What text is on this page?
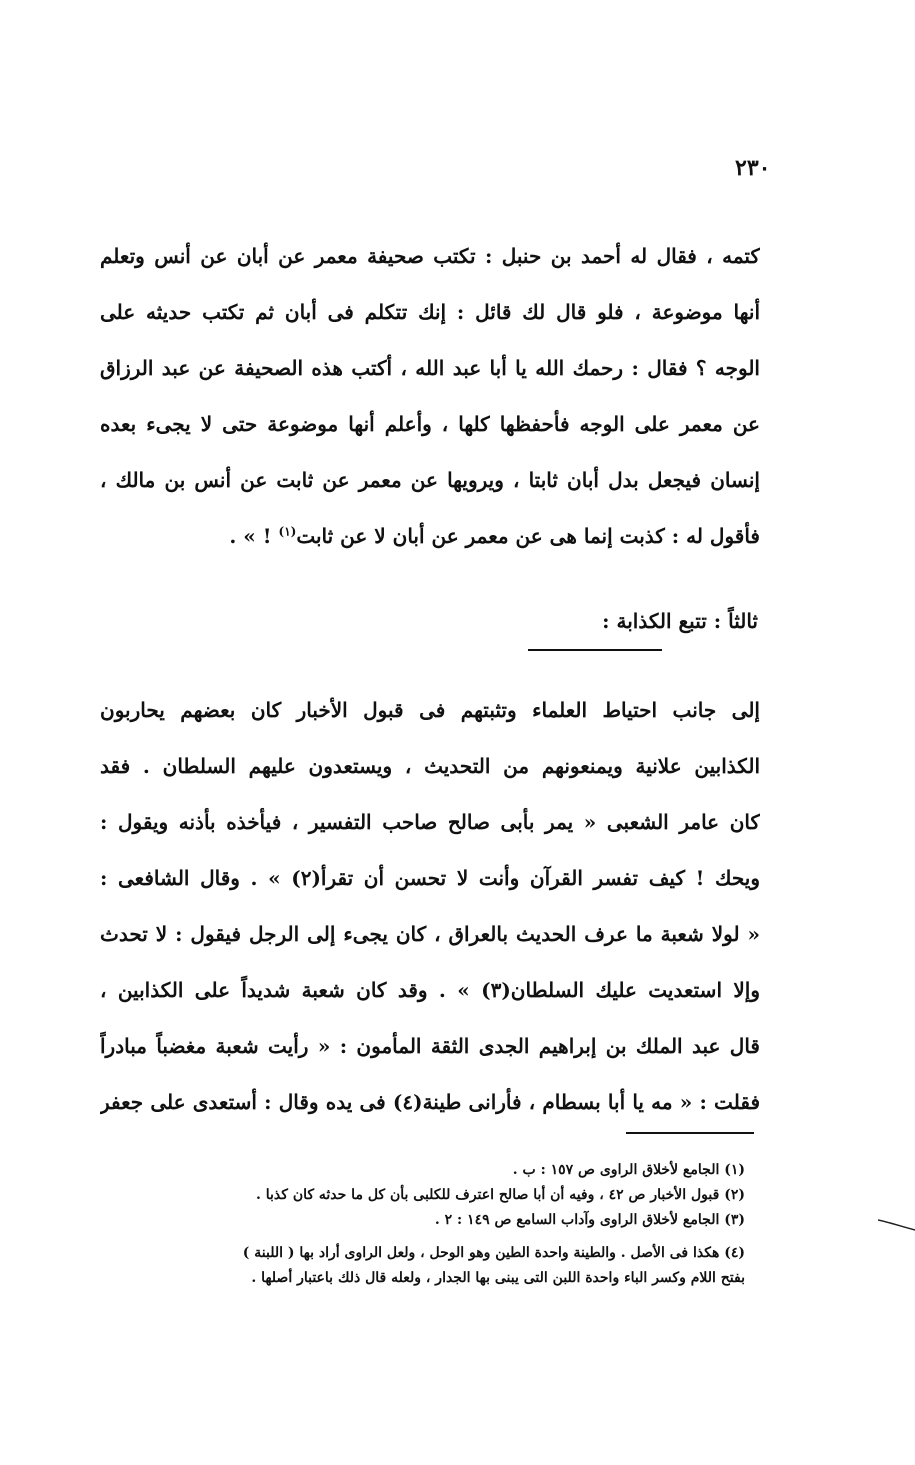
٢٣٠
كتمه ، فقال له أحمد بن حنبل : تكتب صحيفة معمر عن أبان عن أنس وتعلم
أنها موضوعة ، فلو قال لك قائل : إنك تتكلم فى أبان ثم تكتب حديثه على
الوجه ؟ فقال : رحمك الله يا أبا عبد الله ، أكتب هذه الصحيفة عن عبد الرزاق
عن معمر على الوجه فأحفظها كلها ، وأعلم أنها موضوعة حتى لا يجىء بعده
إنسان فيجعل بدل أبان ثابتا ، ويرويها عن معمر عن ثابت عن أنس بن مالك ،
فأقول له : كذبت إنما هى عن معمر عن أبان لا عن ثابت$^{(١)}$ ! » .
ثالثاً : تتبع الكذابة :
إلى جانب احتياط العلماء وتثبتهم فى قبول الأخبار كان بعضهم يحاربون
الكذابين علانية ويمنعونهم من التحديث ، ويستعدون عليهم السلطان . فقد
كان عامر الشعبى « يمر بأبى صالح صاحب التفسير ، فيأخذه بأذنه ويقول :
ويحك ! كيف تفسر القرآن وأنت لا تحسن أن تقرأ(٢) » . وقال الشافعى :
« لولا شعبة ما عرف الحديث بالعراق ، كان يجىء إلى الرجل فيقول : لا تحدث
وإلا استعديت عليك السلطان(٣) » . وقد كان شعبة شديداً على الكذابين ،
قال عبد الملك بن إبراهيم الجدى الثقة المأمون : « رأيت شعبة مغضباً مبادراً
فقلت : « مه يا أبا بسطام ، فأرانى طينة(٤) فى يده وقال : أستعدى على جعفر
(١) الجامع لأخلاق الراوى ص ١٥٧ : ب .
(٢) قبول الأخبار ص ٤٢ ، وفيه أن أبا صالح اعترف للكلبى بأن كل ما حدثه كان كذبا .
(٣) الجامع لأخلاق الراوى وآداب السامع ص ١٤٩ : ٢ .
(٤) هكذا فى الأصل . والطينة واحدة الطين وهو الوحل ، ولعل الراوى أراد بها ( اللبنة )
بفتح اللام وكسر الباء واحدة اللبن التى يبنى بها الجدار ، ولعله قال ذلك باعتبار أصلها .
